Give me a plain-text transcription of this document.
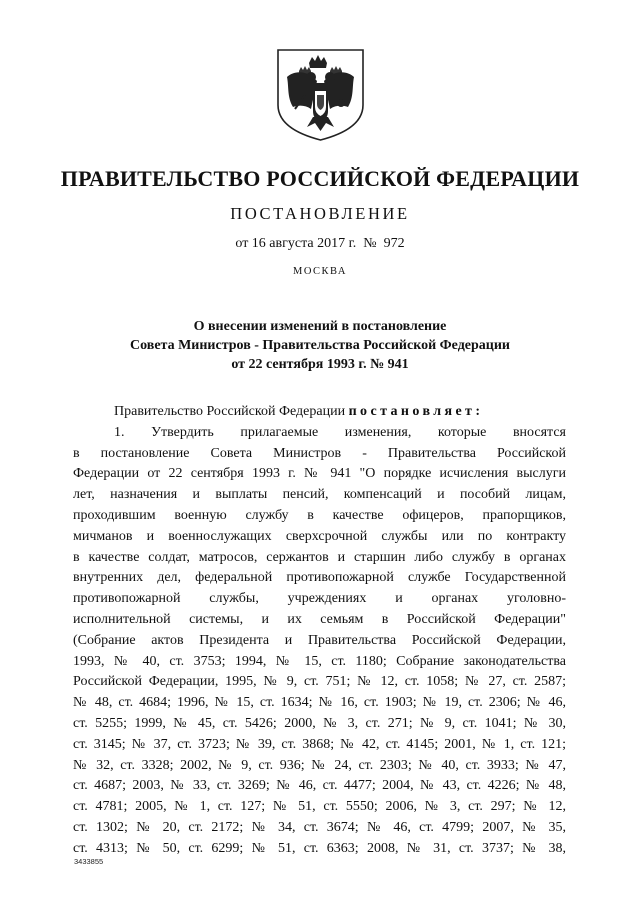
ПРАВИТЕЛЬСТВО РОССИЙСКОЙ ФЕДЕРАЦИИ
ПОСТАНОВЛЕНИЕ
от 16 августа 2017 г. №  972
МОСКВА
О внесении изменений в постановление
Совета Министров - Правительства Российской Федерации
от 22 сентября 1993 г. № 941
Правительство Российской Федерации постановляет:
1. Утвердить прилагаемые изменения, которые вносятся
в постановление Совета Министров - Правительства Российской
Федерации от 22 сентября 1993 г. № 941 "О порядке исчисления выслуги
лет, назначения и выплаты пенсий, компенсаций и пособий лицам,
проходившим военную службу в качестве офицеров, прапорщиков,
мичманов и военнослужащих сверхсрочной службы или по контракту
в качестве солдат, матросов, сержантов и старшин либо службу в органах
внутренних дел, федеральной противопожарной службе Государственной
противопожарной службы, учреждениях и органах уголовно-
исполнительной системы, и их семьям в Российской Федерации"
(Собрание актов Президента и Правительства Российской Федерации,
1993, № 40, ст. 3753; 1994, № 15, ст. 1180; Собрание законодательства
Российской Федерации, 1995, № 9, ст. 751; № 12, ст. 1058; № 27, ст. 2587;
№ 48, ст. 4684; 1996, № 15, ст. 1634; № 16, ст. 1903; № 19, ст. 2306; № 46,
ст. 5255; 1999, № 45, ст. 5426; 2000, № 3, ст. 271; № 9, ст. 1041; № 30,
ст. 3145; № 37, ст. 3723; № 39, ст. 3868; № 42, ст. 4145; 2001, № 1, ст. 121;
№ 32, ст. 3328; 2002, № 9, ст. 936; № 24, ст. 2303; № 40, ст. 3933; № 47,
ст. 4687; 2003, № 33, ст. 3269; № 46, ст. 4477; 2004, № 43, ст. 4226; № 48,
ст. 4781; 2005, № 1, ст. 127; № 51, ст. 5550; 2006, № 3, ст. 297; № 12,
ст. 1302; № 20, ст. 2172; № 34, ст. 3674; № 46, ст. 4799; 2007, № 35,
ст. 4313; № 50, ст. 6299; № 51, ст. 6363; 2008, № 31, ст. 3737; № 38,
3433855
